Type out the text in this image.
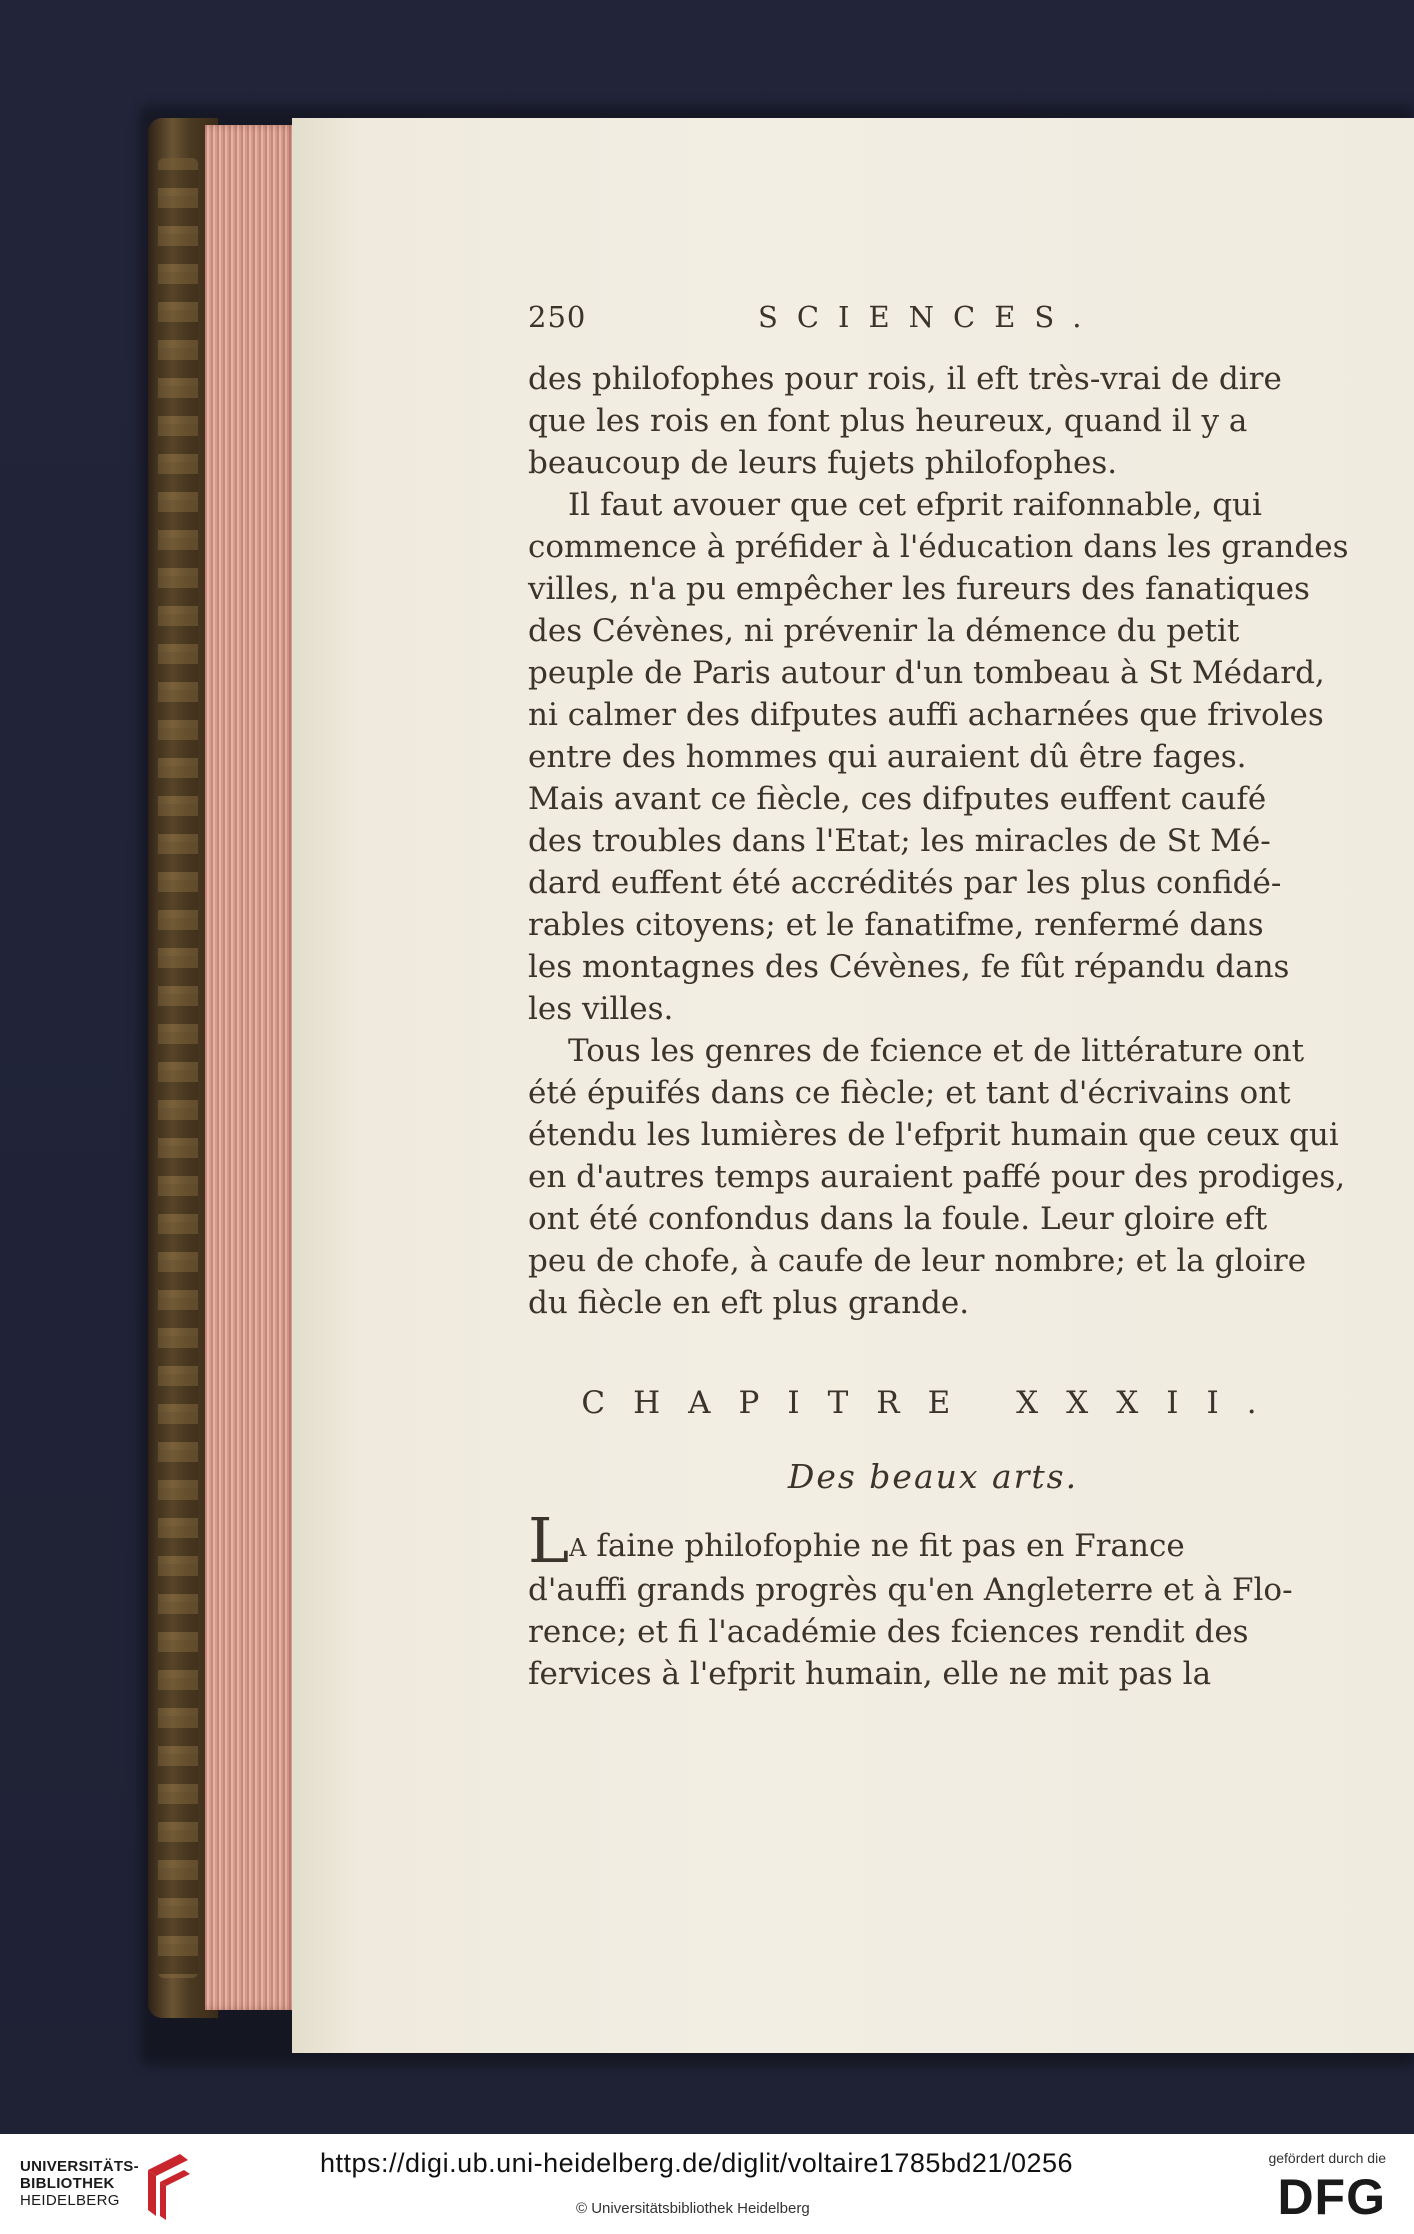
250	SCIENCES.

des philofophes pour rois, il eft très-vrai de dire
que les rois en font plus heureux, quand il y a
beaucoup de leurs fujets philofophes.

Il faut avouer que cet efprit raifonnable, qui
commence à préfider à l'éducation dans les grandes
villes, n'a pu empêcher les fureurs des fanatiques
des Cévènes, ni prévenir la démence du petit
peuple de Paris autour d'un tombeau à St Médard,
ni calmer des difputes auffi acharnées que frivoles
entre des hommes qui auraient dû être fages.
Mais avant ce fiècle, ces difputes euffent caufé
des troubles dans l'Etat; les miracles de St Mé-
dard euffent été accrédités par les plus confidé-
rables citoyens; et le fanatifme, renfermé dans
les montagnes des Cévènes, fe fût répandu dans
les villes.

Tous les genres de fcience et de littérature ont
été épuifés dans ce fiècle; et tant d'écrivains ont
étendu les lumières de l'efprit humain que ceux qui
en d'autres temps auraient paffé pour des prodiges,
ont été confondus dans la foule. Leur gloire eft
peu de chofe, à caufe de leur nombre; et la gloire
du fiècle en eft plus grande.

CHAPITRE XXXII.
Des beaux arts.

LA faine philofophie ne fit pas en France
d'auffi grands progrès qu'en Angleterre et à Flo-
rence; et fi l'académie des fciences rendit des
fervices à l'efprit humain, elle ne mit pas la

UNIVERSITÄTS-
BIBLIOTHEK
HEIDELBERG
https://digi.ub.uni-heidelberg.de/diglit/voltaire1785bd21/0256
© Universitätsbibliothek Heidelberg
gefördert durch die
DFG
